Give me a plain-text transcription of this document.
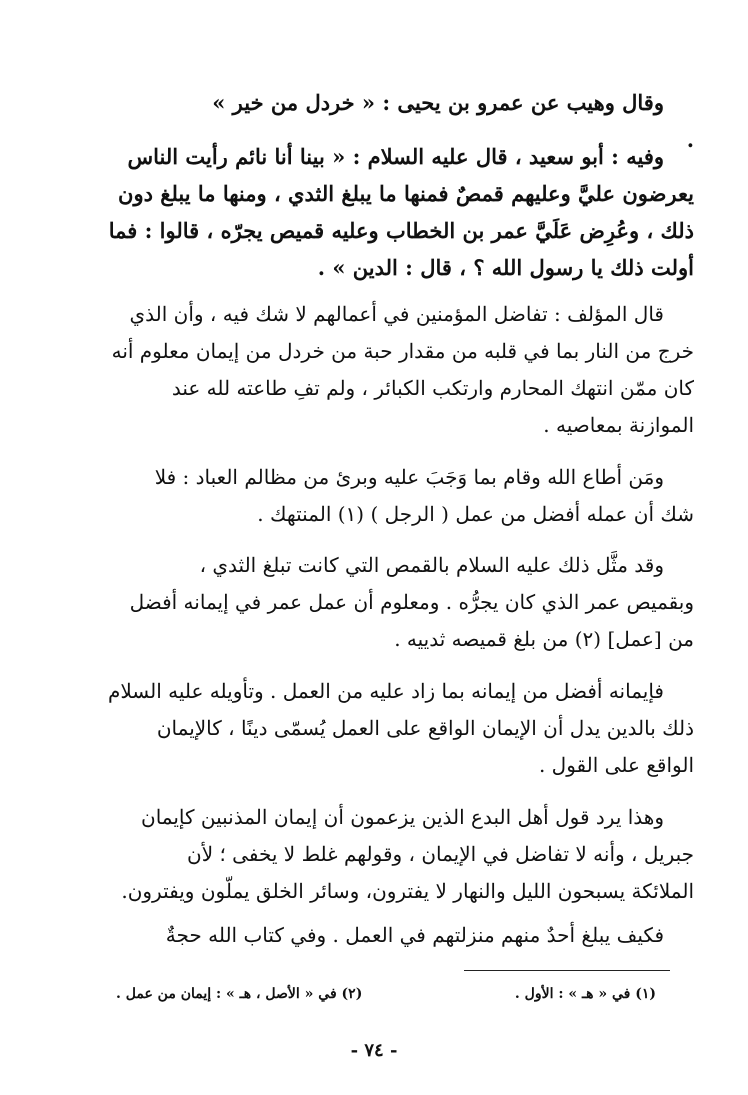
وقال وهيب عن عمرو بن يحيى : « خردل من خير »
.
وفيه : أبو سعيد ، قال عليه السلام : « بينا أنا نائم رأيت الناس
يعرضون عليَّ وعليهم قمصٌ فمنها ما يبلغ الثدي ، ومنها ما يبلغ دون
ذلك ، وعُرِض عَلَيَّ عمر بن الخطاب وعليه قميص يجرّه ، قالوا : فما
أولت ذلك يا رسول الله ؟ ، قال : الدين » .
قال المؤلف : تفاضل المؤمنين في أعمالهم لا شك فيه ، وأن الذي
خرج من النار بما في قلبه من مقدار حبة من خردل من إيمان معلوم أنه
كان ممّن انتهك المحارم وارتكب الكبائر ، ولم تفِ طاعته لله عند
الموازنة بمعاصيه .
ومَن أطاع الله وقام بما وَجَبَ عليه وبرئ من مظالم العباد : فلا
شك أن عمله أفضل من عمل ( الرجل ) (١) المنتهك .
وقد مثَّل ذلك عليه السلام بالقمص التي كانت تبلغ الثدي ،
وبقميص عمر الذي كان يجرُّه . ومعلوم أن عمل عمر في إيمانه أفضل
من [عمل] (٢) من بلغ قميصه ثدييه .
فإيمانه أفضل من إيمانه بما زاد عليه من العمل . وتأويله عليه السلام
ذلك بالدين يدل أن الإيمان الواقع على العمل يُسمّى دينًا ، كالإيمان
الواقع على القول .
وهذا يرد قول أهل البدع الذين يزعمون أن إيمان المذنبين كإيمان
جبريل ، وأنه لا تفاضل في الإيمان ، وقولهم غلط لا يخفى ؛ لأن
الملائكة يسبحون الليل والنهار لا يفترون، وسائر الخلق يملّون ويفترون.
فكيف يبلغ أحدٌ منهم منزلتهم في العمل . وفي كتاب الله حجةٌ
(١) في « هـ » : الأول .
(٢) في « الأصل ، هـ » : إيمان من عمل .
- ٧٤ -
